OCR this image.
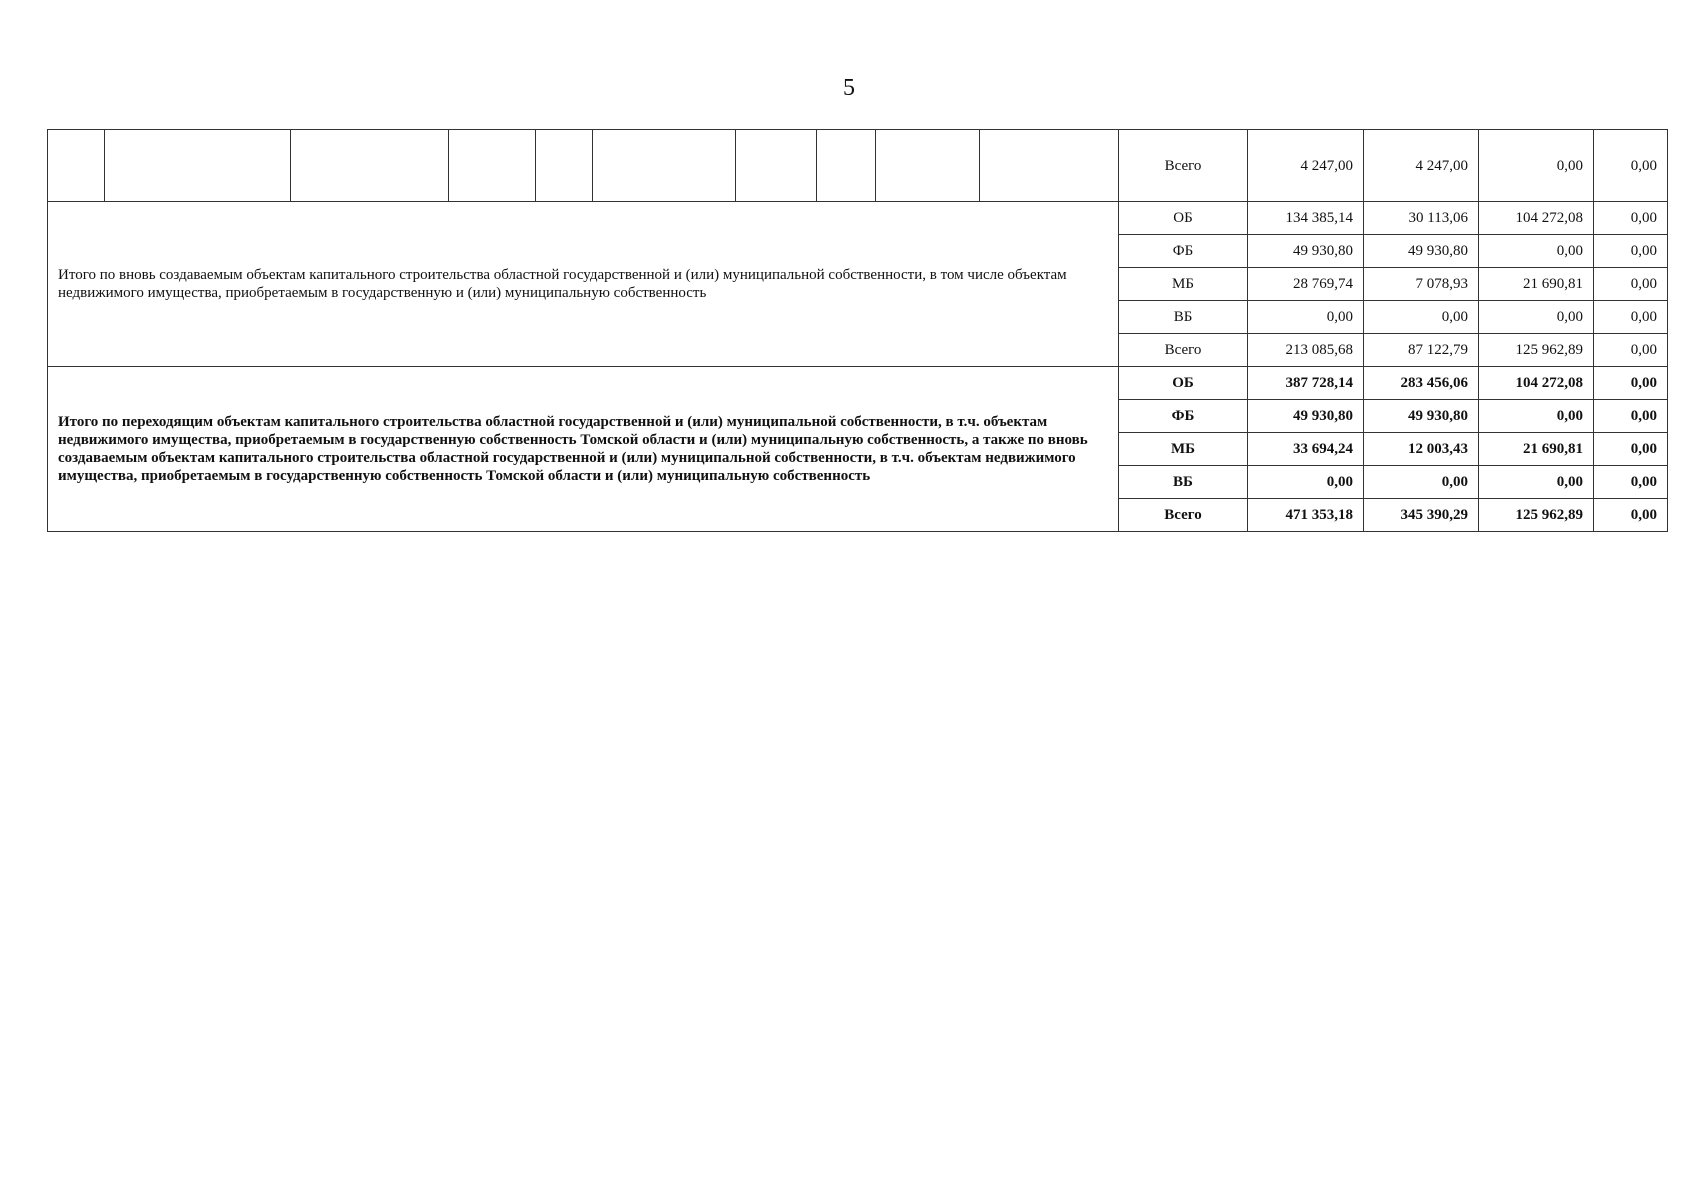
5
										Всего	4 247,00	4 247,00	0,00	0,00
Итого по вновь создаваемым объектам капитального строительства областной государственной и (или) муниципальной собственности, в том числе объектам недвижимого имущества, приобретаемым в государственную и (или) муниципальную собственность										ОБ	134 385,14	30 113,06	104 272,08	0,00
										ФБ	49 930,80	49 930,80	0,00	0,00
										МБ	28 769,74	7 078,93	21 690,81	0,00
										ВБ	0,00	0,00	0,00	0,00
										Всего	213 085,68	87 122,79	125 962,89	0,00
Итого по переходящим объектам капитального строительства областной государственной и (или) муниципальной собственности, в т.ч. объектам недвижимого имущества, приобретаемым в государственную собственность Томской области и (или) муниципальную собственность, а также по вновь создаваемым объектам капитального строительства областной государственной и (или) муниципальной собственности, в т.ч. объектам недвижимого имущества, приобретаемым в государственную собственность Томской области и (или) муниципальную собственность										ОБ	387 728,14	283 456,06	104 272,08	0,00
										ФБ	49 930,80	49 930,80	0,00	0,00
										МБ	33 694,24	12 003,43	21 690,81	0,00
										ВБ	0,00	0,00	0,00	0,00
										Всего	471 353,18	345 390,29	125 962,89	0,00
